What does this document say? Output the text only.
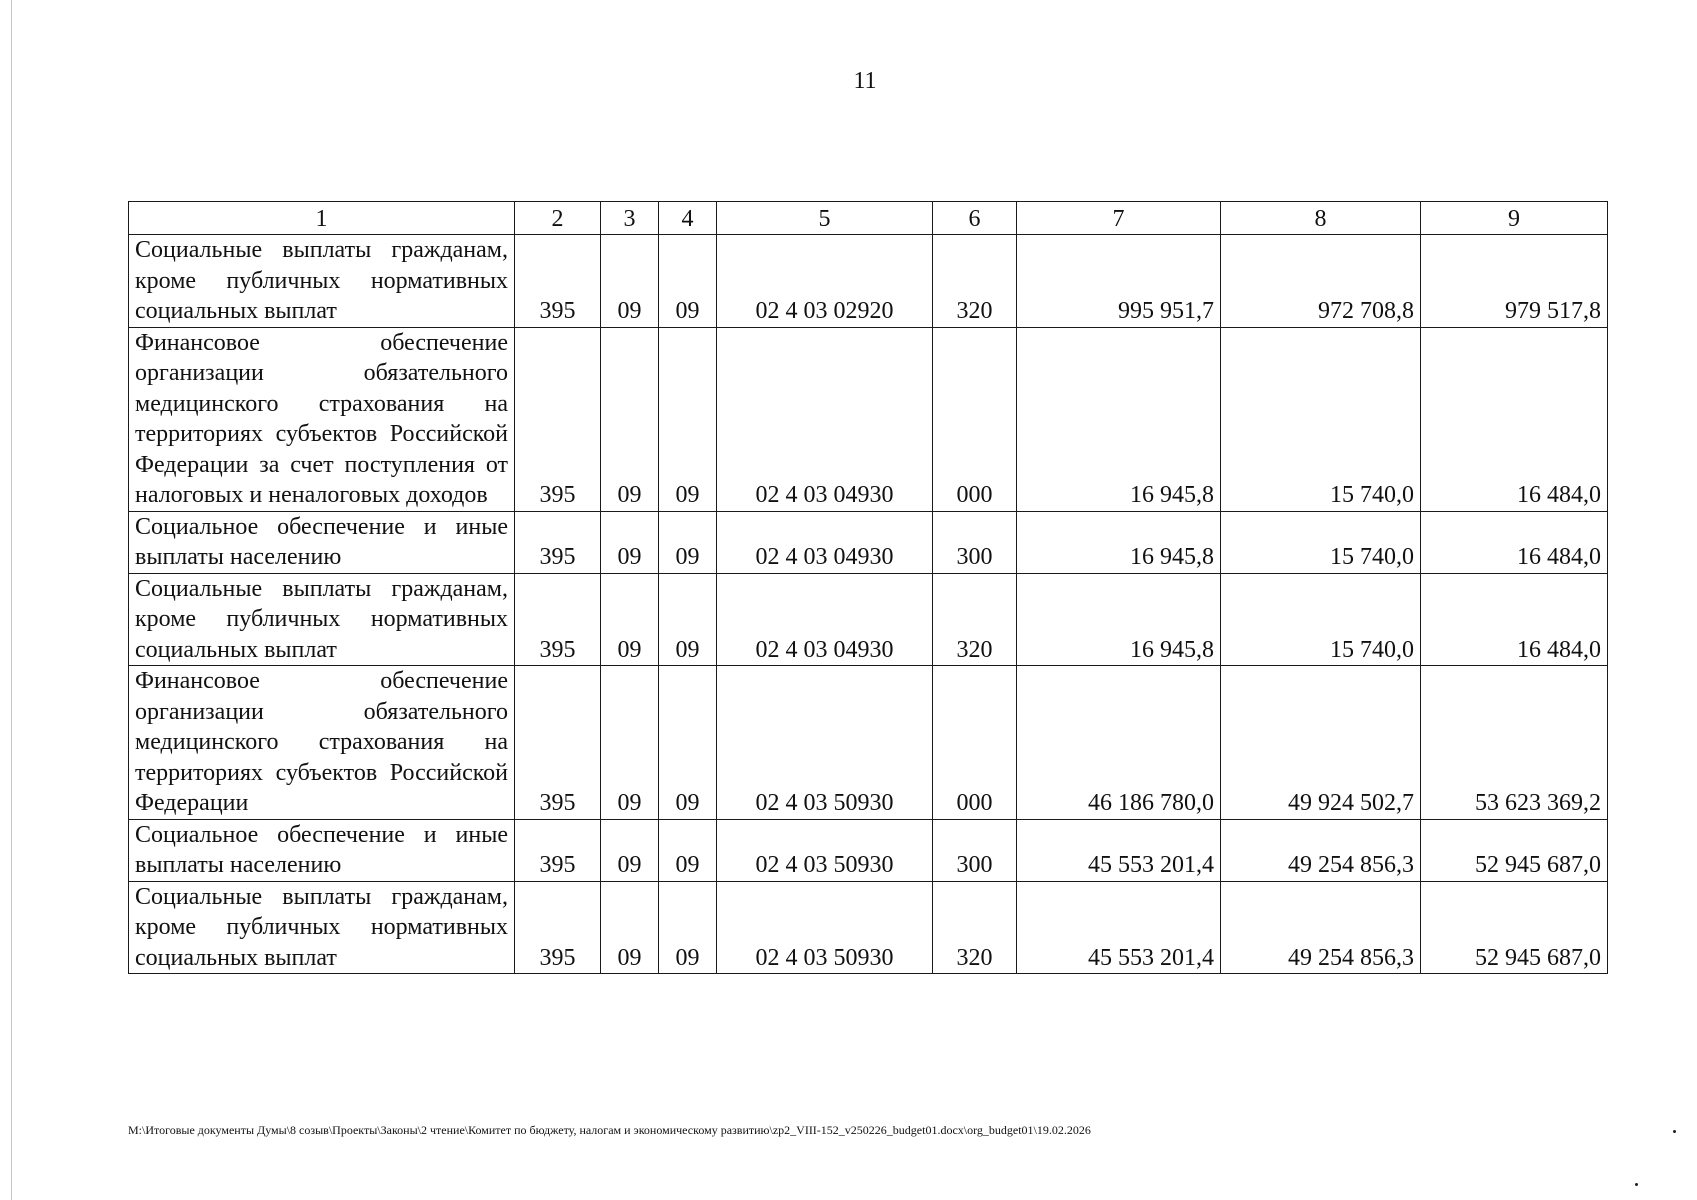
11
1	2	3	4	5	6	7	8	9
Социальные выплаты гражданам, кроме публичных нормативных социальных выплат	395	09	09	02 4 03 02920	320	995 951,7	972 708,8	979 517,8
Финансовое обеспечение организации обязательного медицинского страхования на территориях субъектов Российской Федерации за счет поступления от налоговых и неналоговых доходов	395	09	09	02 4 03 04930	000	16 945,8	15 740,0	16 484,0
Социальное обеспечение и иные выплаты населению	395	09	09	02 4 03 04930	300	16 945,8	15 740,0	16 484,0
Социальные выплаты гражданам, кроме публичных нормативных социальных выплат	395	09	09	02 4 03 04930	320	16 945,8	15 740,0	16 484,0
Финансовое обеспечение организации обязательного медицинского страхования на территориях субъектов Российской Федерации	395	09	09	02 4 03 50930	000	46 186 780,0	49 924 502,7	53 623 369,2
Социальное обеспечение и иные выплаты населению	395	09	09	02 4 03 50930	300	45 553 201,4	49 254 856,3	52 945 687,0
Социальные выплаты гражданам, кроме публичных нормативных социальных выплат	395	09	09	02 4 03 50930	320	45 553 201,4	49 254 856,3	52 945 687,0
M:\Итоговые документы Думы\8 созыв\Проекты\Законы\2 чтение\Комитет по бюджету, налогам и экономическому развитию\zp2_VIII-152_v250226_budget01.docx\org_budget01\19.02.2026
